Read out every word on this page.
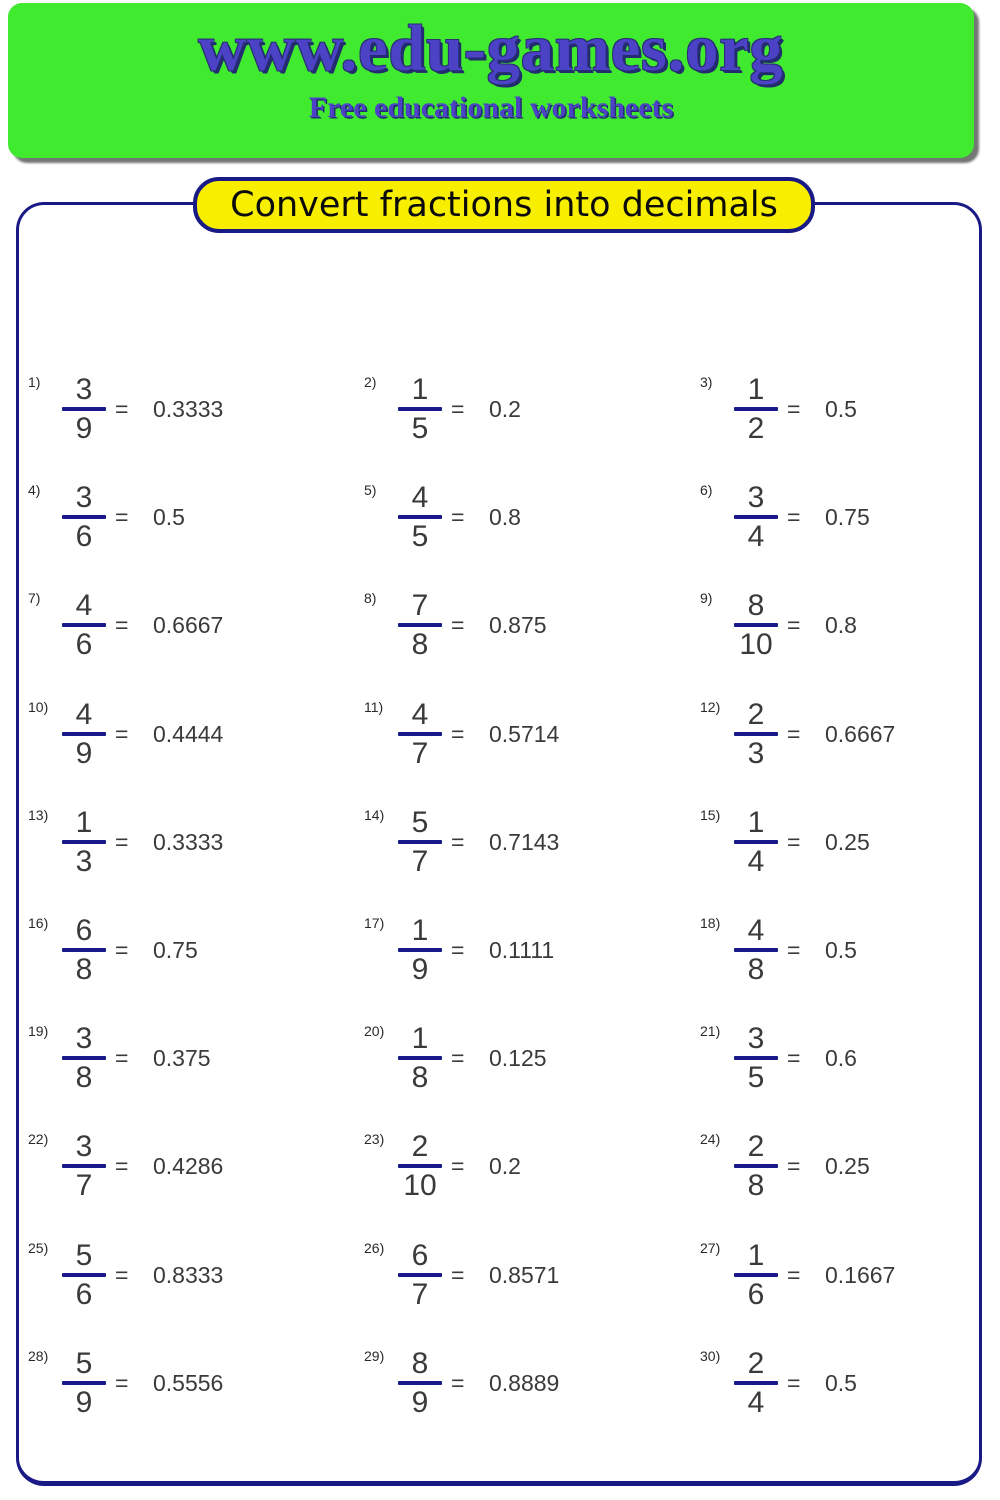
www.edu-games.org
Free educational worksheets
Convert fractions into decimals
1) 3
9
= 0.3333
2) 1
5
= 0.2
3) 1
2
= 0.5
4) 3
6
= 0.5
5) 4
5
= 0.8
6) 3
4
= 0.75
7) 4
6
= 0.6667
8) 7
8
= 0.875
9) 8
10
= 0.8
10) 4
9
= 0.4444
11) 4
7
= 0.5714
12) 2
3
= 0.6667
13) 1
3
= 0.3333
14) 5
7
= 0.7143
15) 1
4
= 0.25
16) 6
8
= 0.75
17) 1
9
= 0.1111
18) 4
8
= 0.5
19) 3
8
= 0.375
20) 1
8
= 0.125
21) 3
5
= 0.6
22) 3
7
= 0.4286
23) 2
10
= 0.2
24) 2
8
= 0.25
25) 5
6
= 0.8333
26) 6
7
= 0.8571
27) 1
6
= 0.1667
28) 5
9
= 0.5556
29) 8
9
= 0.8889
30) 2
4
= 0.5
